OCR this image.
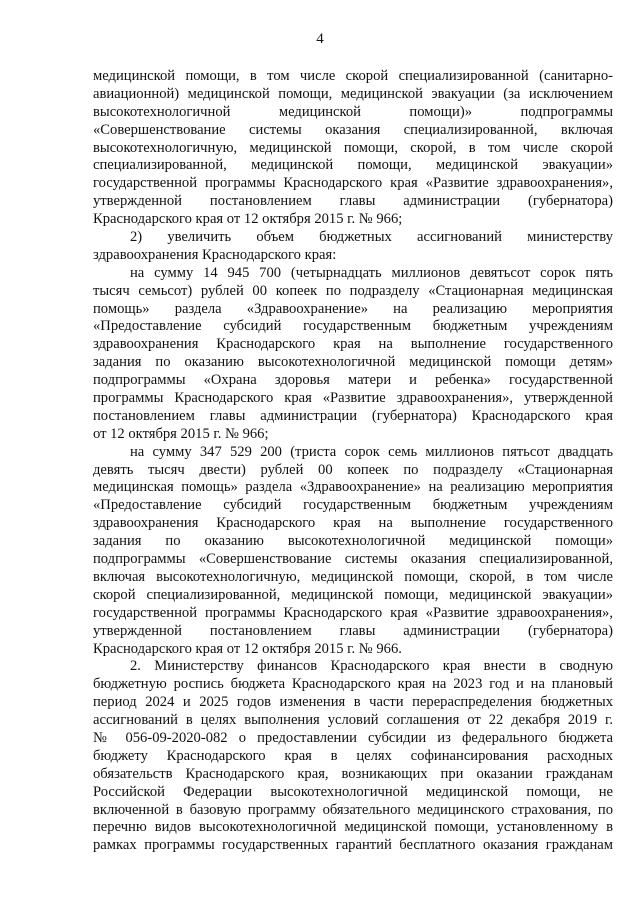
4
медицинской помощи, в том числе скорой специализированной (санитарно-
авиационной) медицинской помощи, медицинской эвакуации (за исключением
высокотехнологичной медицинской помощи)» подпрограммы
«Совершенствование системы оказания специализированной, включая
высокотехнологичную, медицинской помощи, скорой, в том числе скорой
специализированной, медицинской помощи, медицинской эвакуации»
государственной программы Краснодарского края «Развитие здравоохранения»,
утвержденной постановлением главы администрации (губернатора)
Краснодарского края от 12 октября 2015 г. № 966;
2) увеличить объем бюджетных ассигнований министерству
здравоохранения Краснодарского края:
на сумму 14 945 700 (четырнадцать миллионов девятьсот сорок пять
тысяч семьсот) рублей 00 копеек по подразделу «Стационарная медицинская
помощь» раздела «Здравоохранение» на реализацию мероприятия
«Предоставление субсидий государственным бюджетным учреждениям
здравоохранения Краснодарского края на выполнение государственного
задания по оказанию высокотехнологичной медицинской помощи детям»
подпрограммы «Охрана здоровья матери и ребенка» государственной
программы Краснодарского края «Развитие здравоохранения», утвержденной
постановлением главы администрации (губернатора) Краснодарского края
от 12 октября 2015 г. № 966;
на сумму 347 529 200 (триста сорок семь миллионов пятьсот двадцать
девять тысяч двести) рублей 00 копеек по подразделу «Стационарная
медицинская помощь» раздела «Здравоохранение» на реализацию мероприятия
«Предоставление субсидий государственным бюджетным учреждениям
здравоохранения Краснодарского края на выполнение государственного
задания по оказанию высокотехнологичной медицинской помощи»
подпрограммы «Совершенствование системы оказания специализированной,
включая высокотехнологичную, медицинской помощи, скорой, в том числе
скорой специализированной, медицинской помощи, медицинской эвакуации»
государственной программы Краснодарского края «Развитие здравоохранения»,
утвержденной постановлением главы администрации (губернатора)
Краснодарского края от 12 октября 2015 г. № 966.
2. Министерству финансов Краснодарского края внести в сводную
бюджетную роспись бюджета Краснодарского края на 2023 год и на плановый
период 2024 и 2025 годов изменения в части перераспределения бюджетных
ассигнований в целях выполнения условий соглашения от 22 декабря 2019 г.
№ 056-09-2020-082 о предоставлении субсидии из федерального бюджета
бюджету Краснодарского края в целях софинансирования расходных
обязательств Краснодарского края, возникающих при оказании гражданам
Российской Федерации высокотехнологичной медицинской помощи, не
включенной в базовую программу обязательного медицинского страхования, по
перечню видов высокотехнологичной медицинской помощи, установленному в
рамках программы государственных гарантий бесплатного оказания гражданам
